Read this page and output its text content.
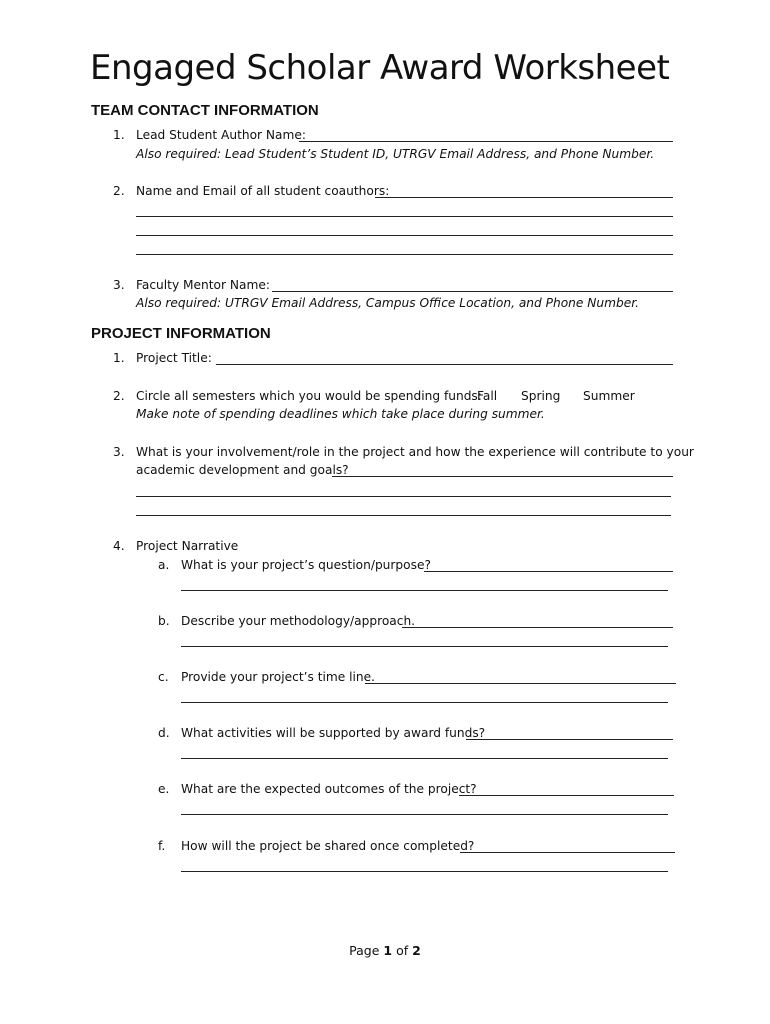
Engaged Scholar Award Worksheet
TEAM CONTACT INFORMATION
1. Lead Student Author Name:
Also required: Lead Student’s Student ID, UTRGV Email Address, and Phone Number.
2. Name and Email of all student coauthors:
3. Faculty Mentor Name:
Also required: UTRGV Email Address, Campus Office Location, and Phone Number.
PROJECT INFORMATION
1. Project Title:
2. Circle all semesters which you would be spending funds:
Fall Spring Summer
Make note of spending deadlines which take place during summer.
3. What is your involvement/role in the project and how the experience will contribute to your
academic development and goals?
4. Project Narrative
a. What is your project’s question/purpose?
b. Describe your methodology/approach.
c. Provide your project’s time line.
d. What activities will be supported by award funds?
e. What are the expected outcomes of the project?
f. How will the project be shared once completed?
Page 1 of 2
